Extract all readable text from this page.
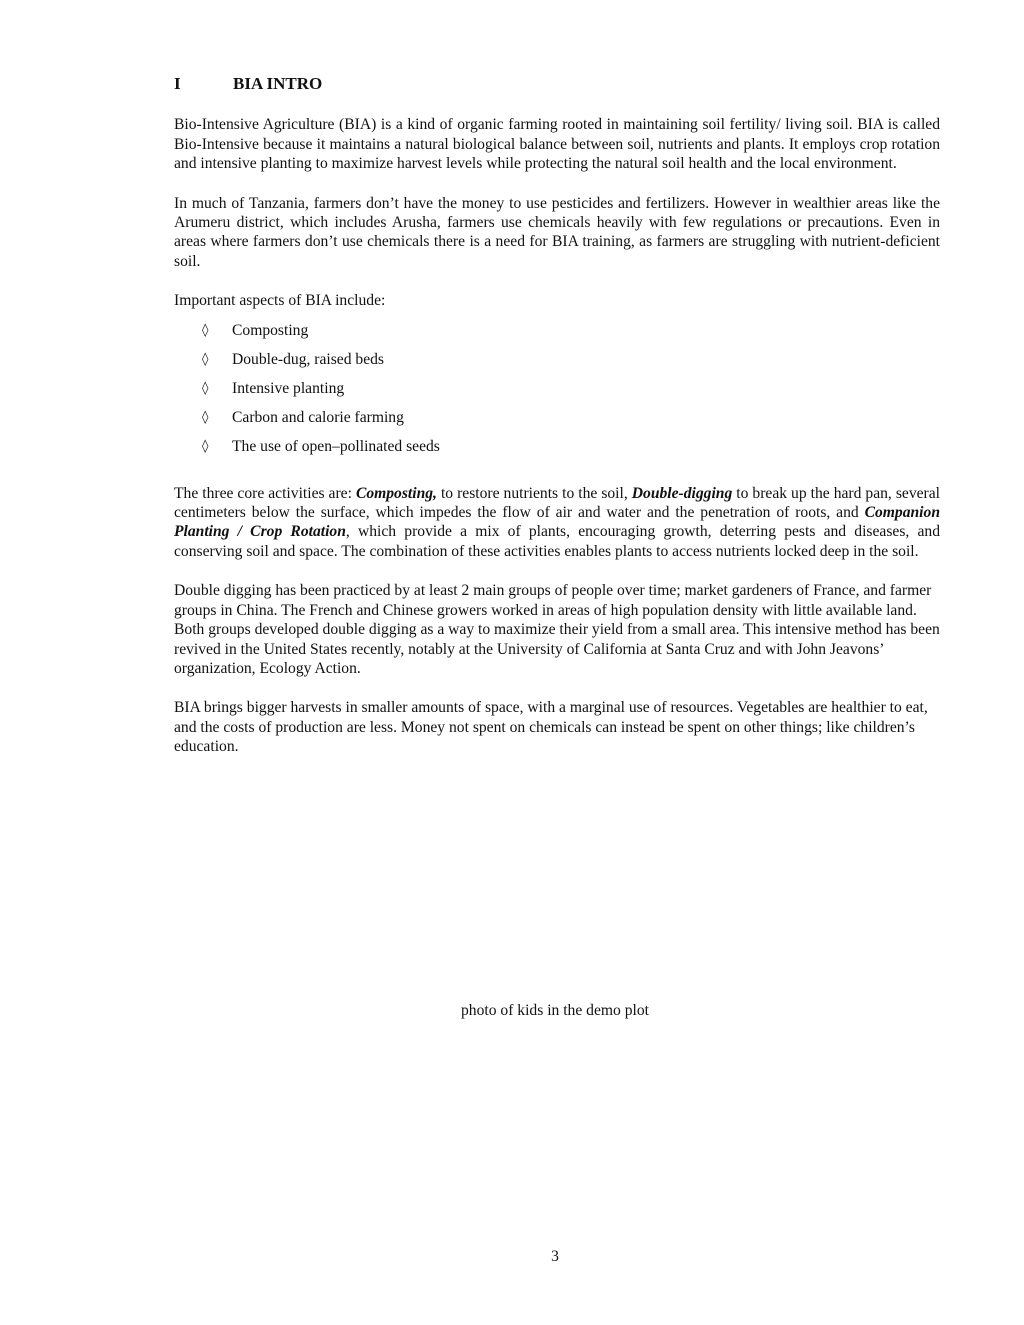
I	BIA INTRO

Bio-Intensive Agriculture (BIA) is a kind of organic farming rooted in maintaining soil fertility/ living soil. BIA is called Bio-Intensive because it maintains a natural biological balance between soil, nutrients and plants. It employs crop rotation and intensive planting to maximize harvest levels while protecting the natural soil health and the local environment.

In much of Tanzania, farmers don’t have the money to use pesticides and fertilizers. However in wealthier areas like the Arumeru district, which includes Arusha, farmers use chemicals heavily with few regulations or precautions. Even in areas where farmers don’t use chemicals there is a need for BIA training, as farmers are struggling with nutrient-deficient soil.

Important aspects of BIA include:

◊	Composting
◊	Double-dug, raised beds
◊	Intensive planting
◊	Carbon and calorie farming
◊	The use of open–pollinated seeds

The three core activities are: Composting, to restore nutrients to the soil, Double-digging to break up the hard pan, several centimeters below the surface, which impedes the flow of air and water and the penetration of roots, and Companion Planting / Crop Rotation, which provide a mix of plants, encouraging growth, deterring pests and diseases, and conserving soil and space. The combination of these activities enables plants to access nutrients locked deep in the soil.

Double digging has been practiced by at least 2 main groups of people over time; market gardeners of France, and farmer groups in China. The French and Chinese growers worked in areas of high population density with little available land. Both groups developed double digging as a way to maximize their yield from a small area. This intensive method has been revived in the United States recently, notably at the University of California at Santa Cruz and with John Jeavons’ organization, Ecology Action.

BIA brings bigger harvests in smaller amounts of space, with a marginal use of resources. Vegetables are healthier to eat, and the costs of production are less. Money not spent on chemicals can instead be spent on other things; like children’s education.

photo of kids in the demo plot
3
